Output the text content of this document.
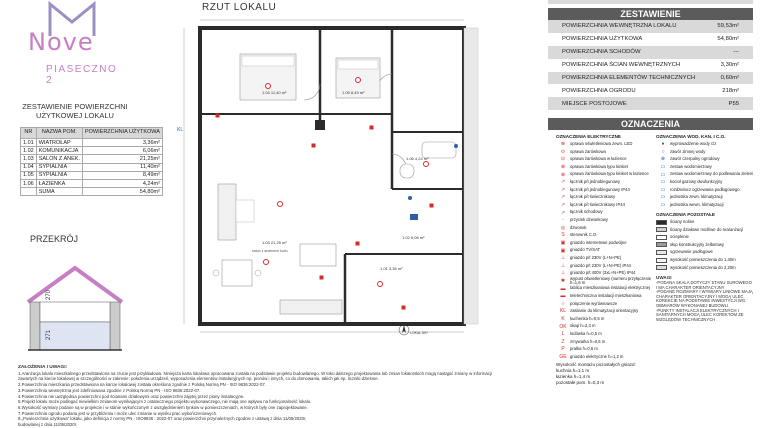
Nove
PIASECZNO 2
ZESTAWIENIE POWIERZCHNI UŻYTKOWEJ LOKALU
NR	NAZWA POM.	POWIERZCHNIA UŻYTKOWA
1.01	WIATROŁAP	3,36m²
1.02	KOMUNIKACJA	6,06m²
1.03	SALON Z ANEK.	21,25m²
1.04	SYPIALNIA	11,40m²
1.05	SYPIALNIA	8,49m²
1.06	ŁAZIENKA	4,24m²
	SUMA	54,80m²
PRZEKRÓJ
270
271
RZUT LOKALU
1.04 11,40 m²	1.05 8,49 m²
1.06 4,24 m²
1.03 21,25 m²
salon z aneksem kuch.
1.02 6,06 m²
1.01 3,36 m²
LOKAL 50+
KL
ZAŁOŻENIA I UWAGI:
1.Aranżacja lokalu mieszkalnego przedstawiona na rzucie jest przykładowa. Niniejsza karta lokalowa opracowana została na podstawie projektu budowlanego. W toku dalszego projektowania lub zmian lokatorskich mogą nastąpić zmiany w informacji
zawartych na karcie lokalowej w szczególności w zakresie: położenia urządzeń, wyposażenia elementów instalacyjnych np. pionów i innych, co do domowania, takich jak np. liczniki dzielone.
2.Powierzchnia mieszkania przedstawiona na karcie lokalowej została określona zgodnie z Polską Normą PN - ISO 9836:2022-07.
3.Powierzchnia wewnętrzna jest zdefiniowana zgodnie z Polską Normą PN - ISO 9836:2022-07.
4.Powierzchnia nie uwzględnia powierzchni pod ścianami działowymi oraz powierzchni zajętej przez piony instalacyjne.
5.Projekt lokalu może podlegać niewielkim zmianom wynikającym z ostatecznego projektu wykonawczego, nie mają one wpływu na funkcjonalność lokalu.
6.Wysokość wymiary podane są w projekcie i w stanie wykończonym z uwzględnieniem tynków w pomieszczeniach, w których były one zaprojektowane.
7.Powierzchnia ogrodu podana jest w przybliżeniu i może ulec zmianie w wyniku prac wykończeniowych.
8.„Powierzchnia użytkowa” lokalu, jako definicja z normy PN - ISO9836 : 2022-07 oraz powierzchni przynależnych zgodnie z ustawą z dnia 11/05/2020r.
budowlanej z dnia 11/05/2020r.
ZESTAWIENIE
POWIERZCHNIA WEWNĘTRZNA LOKALU	59,53m²
POWIERZCHNIA UŻYTKOWA	54,80m²
POWIERZCHNIA SCHODÓW	---
POWIERZCHNIA ŚCIAN WEWNĘTRZNYCH	3,30m²
POWIERZCHNIA ELEMENTÓW TECHNICZNYCH	0,60m²
POWIERZCHNIA OGRODU	218m²
MIEJSCE POSTOJOWE	P55
OZNACZENIA
OZNACZENIA ELEKTRYCZNE
⊗	oprawa oświetleniowa zewn. LED
⊙	oprawa żarówkowa
⊙	oprawa żarówkowa w łazience
⊗	oprawa żarówkowa typu kinkiet
⊗	oprawa żarówkowa typu kinkiet w łazience
↗	łącznik p/t jednobiegunowy
↗	łącznik p/t jednobiegunowy IP44
↗	łącznik p/t świecznikowy
↗	łącznik p/t świecznikowy IP44
↗	łącznik schodowy
◦	przycisk dzwonkowy
◎	dzwonek
S	sterownik C.O.
▣	gniazdo internetowe podwójne
▣	gniazdo TV/SAT
⊥	gniazdo p/t 230V (L+N+PE)
⊥	gniazdo p/t 230V (L+N+PE) IP44
⊥	gniazdo p/t 400V (3xL+N+PE) IP44
✱	wypust oświetleniowy (numeru przyłączenie h=1,6 m
▬	tablica mieszkaniowa instalacji elektrycznej
▬	teletechniczna instalacji mieszkaniowa
○	połączenie wyrównawcze
KL zasilanie do klimatyzacji orientacyjny
K	kuchenka h=0,5 m
OK okap h=2,3 m
L	lodówka h=0,5 m
Z	zmywarka h=0,5 m
P	pralka h=0,6 m
GE gniazdo elektryczne h=1,2 m
Wysokość montażu pozostałych gniazd:
kuchnia h=1,1 m
łazienka h=1,4 m
pozostałe pom. h=0,3 m
OZNACZENIA WOD. KAN. I C.O.
●	wyprowadzenie wody c/z
○	zawór zimnej wody
⊗	zawór czerpalny ogrodowy
▭	zestaw wodomierzowy
▭	zestaw wodomierzowy do podlewania zieleni
▭	kocioł gazowy dwufunkcyjny
▭	rozdzielacz ogrzewania podłogowego
▭	jednostka zewn. klimatyzacji
▭	jednostka wewn. klimatyzacji
OZNACZENIA POZOSTAŁE
ściany nośne
ściany działowe możliwe do rearanżacji
ocieplenie
słup konstrukcyjny żelbetowy
ogrzewanie podłogowe
wysokość pomieszczenia do 1,40m
wysokość pomieszczenia do 2,20m
UWAGI
-PODANA SKALA DOTYCZY STANU SUROWEGO I MA CHARAKTER ORIENTACYJNY
-PODANE ROZMIARY I WYMIARY LINIOWE MAJĄ CHARAKTER ORIENTACYJNY I MOGĄ ULEC KOREKCIE NA PODSTAWIE INWESTYCJI WG. OBMIARÓW WYKONANEJ BUDOWLI
-PUNKTY INSTALACJI ELEKTRYCZNYCH I SANITARNYCH MOGĄ ULEC KOREKTOM ZE WZGLĘDÓW TECHNICZNYCH
